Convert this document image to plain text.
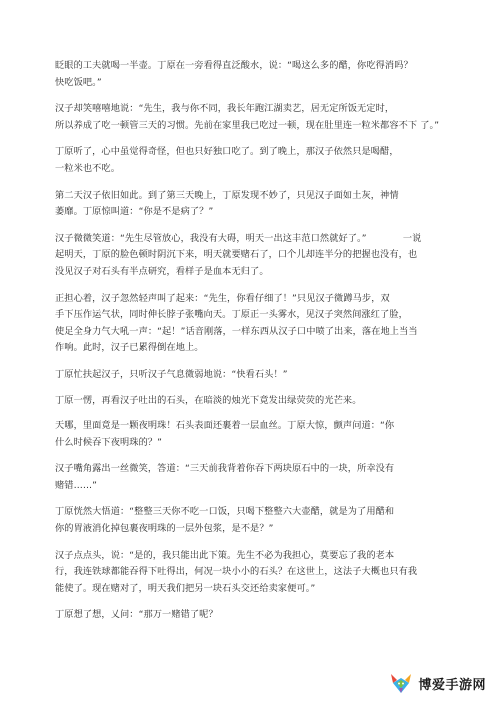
眨眼的工夫就喝一半壶。丁原在一旁看得直泛酸水，说：“喝这么多的醋，你吃得消吗？
快吃饭吧。”

汉子却笑嘻嘻地说：“先生，我与你不同，我长年跑江湖卖艺，居无定所饭无定时，
所以养成了吃一顿管三天的习惯。先前在家里我已吃过一顿，现在肚里连一粒米都容不下 了。”

丁原听了，心中虽觉得奇怪，但也只好独口吃了。到了晚上，那汉子依然只是喝醋，
一粒米也不吃。

第二天汉子依旧如此。到了第三天晚上，丁原发现不妙了，只见汉子面如土灰，神情
萎靡。丁原惊叫道：“你是不是病了？”

汉子微微笑道：“先生尽管放心，我没有大碍，明天一出这丰范口然就好了。”            一说
起明天，丁原的脸色顿时阴沉下来，明天就要赌石了，口个儿却连半分的把握也没有，也
没见汉子对石头有半点研究，看样子是血本无归了。

正担心着，汉子忽然轻声叫了起来：“先生，你看仔细了！”只见汉子微蹲马步，双
手下压作运气状，同时伸长脖子张嘴向天。丁原正一头雾水，见汉子突然间涨红了脸，
使足全身力气大吼一声：“起！”话音刚落，一样东西从汉子口中喷了出来，落在地上当当
作响。此时，汉子已累得倒在地上。

丁原忙扶起汉子，只听汉子气息微弱地说：“快看石头！”

丁原一愣，再看汉子吐出的石头，在暗淡的烛光下竟发出绿荧荧的光芒来。

天哪，里面竟是一颗夜明珠！石头表面还裹着一层血丝。丁原大惊，颤声问道：“你
什么时候吞下夜明珠的？”

汉子嘴角露出一丝微笑，答道：“三天前我背着你吞下两块原石中的一块，所幸没有
赌错……”

丁原恍然大悟道：“整整三天你不吃一口饭，只喝下整整六大壶醋，就是为了用醋和
你的胃液消化掉包裹夜明珠的一层外包浆，是不是？”

汉子点点头，说：“是的，我只能出此下策。先生不必为我担心，莫要忘了我的老本
行，我连铁球都能吞得下吐得出，何况一块小小的石头？在这世上，这法子大概也只有我
能使了。现在赌对了，明天我们把另一块石头交还给卖家便可。”

丁原想了想，乂问：“那万一赌错了呢？

博爱手游网
